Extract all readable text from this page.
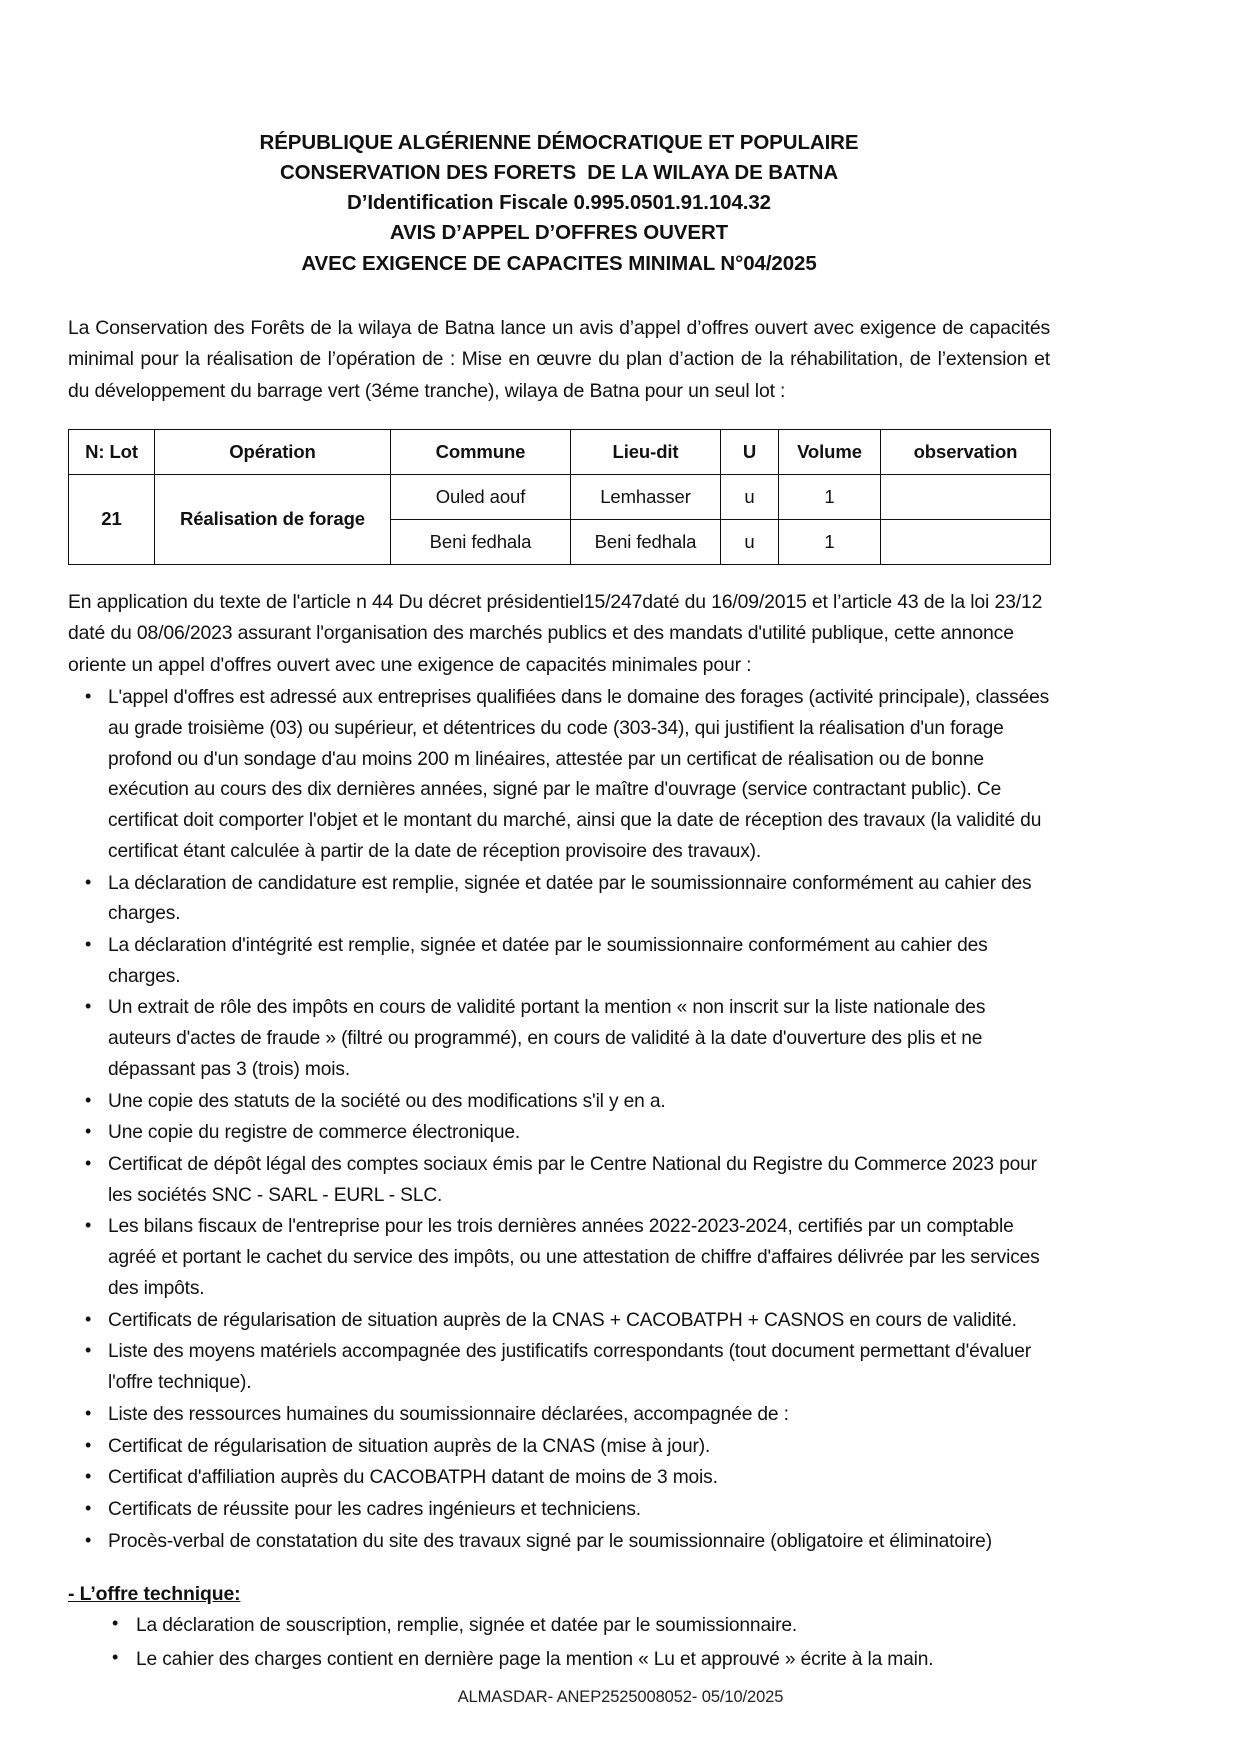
RÉPUBLIQUE ALGÉRIENNE DÉMOCRATIQUE ET POPULAIRE
CONSERVATION DES FORETS  DE LA WILAYA DE BATNA
D’Identification Fiscale 0.995.0501.91.104.32
AVIS D’APPEL D’OFFRES OUVERT
AVEC EXIGENCE DE CAPACITES MINIMAL N°04/2025

La Conservation des Forêts de la wilaya de Batna lance un avis d’appel d’offres ouvert avec exigence de capacités minimal pour la réalisation de l’opération de : Mise en œuvre du plan d’action de la réhabilitation, de l’extension et du développement du barrage vert (3éme tranche), wilaya de Batna pour un seul lot :

N: Lot	Opération	Commune	Lieu-dit	U	Volume	observation
21	Réalisation de forage	Ouled aouf	Lemhasser	u	1	
		Beni fedhala	Beni fedhala	u	1	

En application du texte de l'article n 44 Du décret présidentiel15/247daté du 16/09/2015 et l’article 43 de la loi 23/12 daté du 08/06/2023 assurant l'organisation des marchés publics et des mandats d'utilité publique, cette annonce oriente un appel d'offres ouvert avec une exigence de capacités minimales pour :

• L'appel d'offres est adressé aux entreprises qualifiées dans le domaine des forages (activité principale), classées au grade troisième (03) ou supérieur, et détentrices du code (303-34), qui justifient la réalisation d'un forage profond ou d'un sondage d'au moins 200 m linéaires, attestée par un certificat de réalisation ou de bonne exécution au cours des dix dernières années, signé par le maître d'ouvrage (service contractant public). Ce certificat doit comporter l'objet et le montant du marché, ainsi que la date de réception des travaux (la validité du certificat étant calculée à partir de la date de réception provisoire des travaux).
• La déclaration de candidature est remplie, signée et datée par le soumissionnaire conformément au cahier des charges.
• La déclaration d'intégrité est remplie, signée et datée par le soumissionnaire conformément au cahier des charges.
• Un extrait de rôle des impôts en cours de validité portant la mention « non inscrit sur la liste nationale des auteurs d'actes de fraude » (filtré ou programmé), en cours de validité à la date d'ouverture des plis et ne dépassant pas 3 (trois) mois.
• Une copie des statuts de la société ou des modifications s'il y en a.
• Une copie du registre de commerce électronique.
• Certificat de dépôt légal des comptes sociaux émis par le Centre National du Registre du Commerce 2023 pour les sociétés SNC - SARL - EURL - SLC.
• Les bilans fiscaux de l'entreprise pour les trois dernières années 2022-2023-2024, certifiés par un comptable agréé et portant le cachet du service des impôts, ou une attestation de chiffre d'affaires délivrée par les services des impôts.
• Certificats de régularisation de situation auprès de la CNAS + CACOBATPH + CASNOS en cours de validité.
• Liste des moyens matériels accompagnée des justificatifs correspondants (tout document permettant d'évaluer l'offre technique).
• Liste des ressources humaines du soumissionnaire déclarées, accompagnée de :
• Certificat de régularisation de situation auprès de la CNAS (mise à jour).
• Certificat d'affiliation auprès du CACOBATPH datant de moins de 3 mois.
• Certificats de réussite pour les cadres ingénieurs et techniciens.
• Procès-verbal de constatation du site des travaux signé par le soumissionnaire (obligatoire et éliminatoire)
- L’offre technique:
• La déclaration de souscription, remplie, signée et datée par le soumissionnaire.
• Le cahier des charges contient en dernière page la mention « Lu et approuvé » écrite à la main.
ALMASDAR- ANEP2525008052- 05/10/2025
